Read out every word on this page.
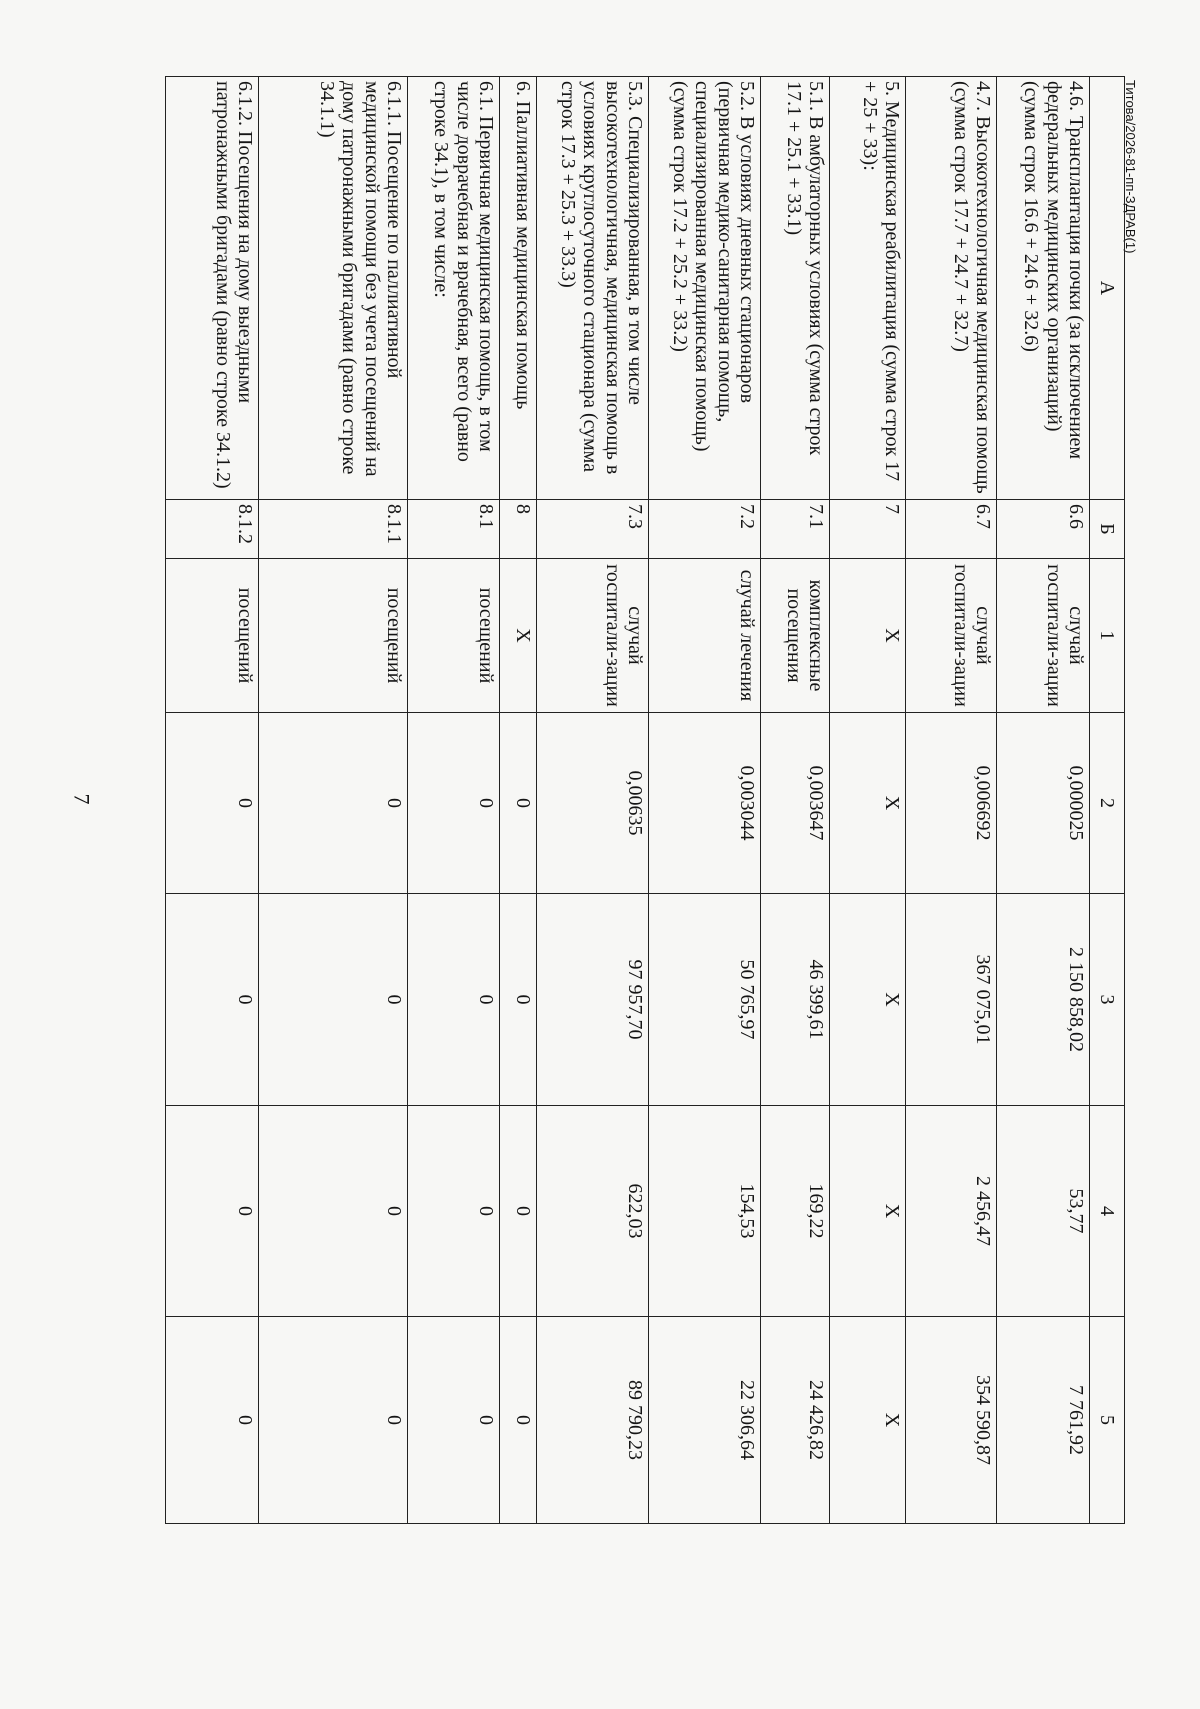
7
Титова/2026-81-пп-ЗДРАВ(1)
А	Б	1	2	3	4	5
4.6. Трансплантация почки (за исключением федеральных медицинских организаций) (сумма строк 16.6 + 24.6 + 32.6)	6.6	случай госпитали-зации	0,000025	2 150 858,02	53,77	7 761,92
4.7. Высокотехнологичная медицинская помощь (сумма строк 17.7 + 24.7 + 32.7)	6.7	случай госпитали-зации	0,006692	367 075,01	2 456,47	354 590,87
5. Медицинская реабилитация (сумма строк 17 + 25 + 33):	7	Х	Х	Х	Х	Х
5.1. В амбулаторных условиях (сумма строк 17.1 + 25.1 + 33.1)	7.1	комплексные посещения	0,003647	46 399,61	169,22	24 426,82
5.2. В условиях дневных стационаров (первичная медико-санитарная помощь, специализированная медицинская помощь) (сумма строк 17.2 + 25.2 + 33.2)	7.2	случай лечения	0,003044	50 765,97	154,53	22 306,64
5.3. Специализированная, в том числе высокотехнологичная, медицинская помощь в условиях круглосуточного стационара (сумма строк 17.3 + 25.3 + 33.3)	7.3	случай госпитали-зации	0,00635	97 957,70	622,03	89 790,23
6. Паллиативная медицинская помощь	8	Х	0	0	0	0
6.1. Первичная медицинская помощь, в том числе доврачебная и врачебная, всего (равно строке 34.1), в том числе:	8.1	посещений	0	0	0	0
6.1.1. Посещение по паллиативной медицинской помощи без учета посещений на дому патронажными бригадами (равно строке 34.1.1)	8.1.1	посещений	0	0	0	0
6.1.2. Посещения на дому выездными патронажными бригадами (равно строке 34.1.2)	8.1.2	посещений	0	0	0	0
